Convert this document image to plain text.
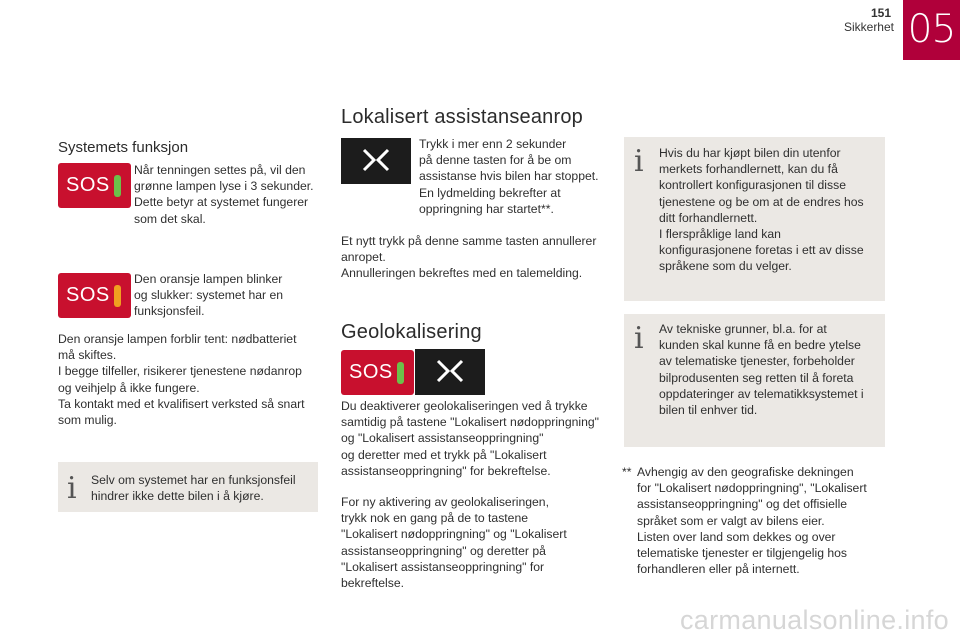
151
Sikkerhet 05
Systemets funksjon
SOS
Når tenningen settes på, vil den
grønne lampen lyse i 3 sekunder.
Dette betyr at systemet fungerer
som det skal.
SOS
Den oransje lampen blinker
og slukker: systemet har en
funksjonsfeil.
Den oransje lampen forblir tent: nødbatteriet
må skiftes.
I begge tilfeller, risikerer tjenestene nødanrop
og veihjelp å ikke fungere.
Ta kontakt med et kvalifisert verksted så snart
som mulig.
i Selv om systemet har en funksjonsfeil
hindrer ikke dette bilen i å kjøre.
Lokalisert assistanseanrop
Trykk i mer enn 2 sekunder
på denne tasten for å be om
assistanse hvis bilen har stoppet.
En lydmelding bekrefter at
oppringning har startet**.
Et nytt trykk på denne samme tasten annullerer
anropet.
Annulleringen bekreftes med en talemelding.
Geolokalisering
SOS
Du deaktiverer geolokaliseringen ved å trykke
samtidig på tastene "Lokalisert nødoppringning"
og "Lokalisert assistanseoppringning"
og deretter med et trykk på "Lokalisert
assistanseoppringning" for bekreftelse.
For ny aktivering av geolokaliseringen,
trykk nok en gang på de to tastene
"Lokalisert nødoppringning" og "Lokalisert
assistanseoppringning" og deretter på
"Lokalisert assistanseoppringning" for
bekreftelse.
i Hvis du har kjøpt bilen din utenfor
merkets forhandlernett, kan du få
kontrollert konfigurasjonen til disse
tjenestene og be om at de endres hos
ditt forhandlernett.
I flerspråklige land kan
konfigurasjonene foretas i ett av disse
språkene som du velger.
i Av tekniske grunner, bl.a. for at
kunden skal kunne få en bedre ytelse
av telematiske tjenester, forbeholder
bilprodusenten seg retten til å foreta
oppdateringer av telematikksystemet i
bilen til enhver tid.
** Avhengig av den geografiske dekningen
for "Lokalisert nødoppringning", "Lokalisert
assistanseoppringning" og det offisielle
språket som er valgt av bilens eier.
Listen over land som dekkes og over
telematiske tjenester er tilgjengelig hos
forhandleren eller på internett.
carmanualsonline.info
